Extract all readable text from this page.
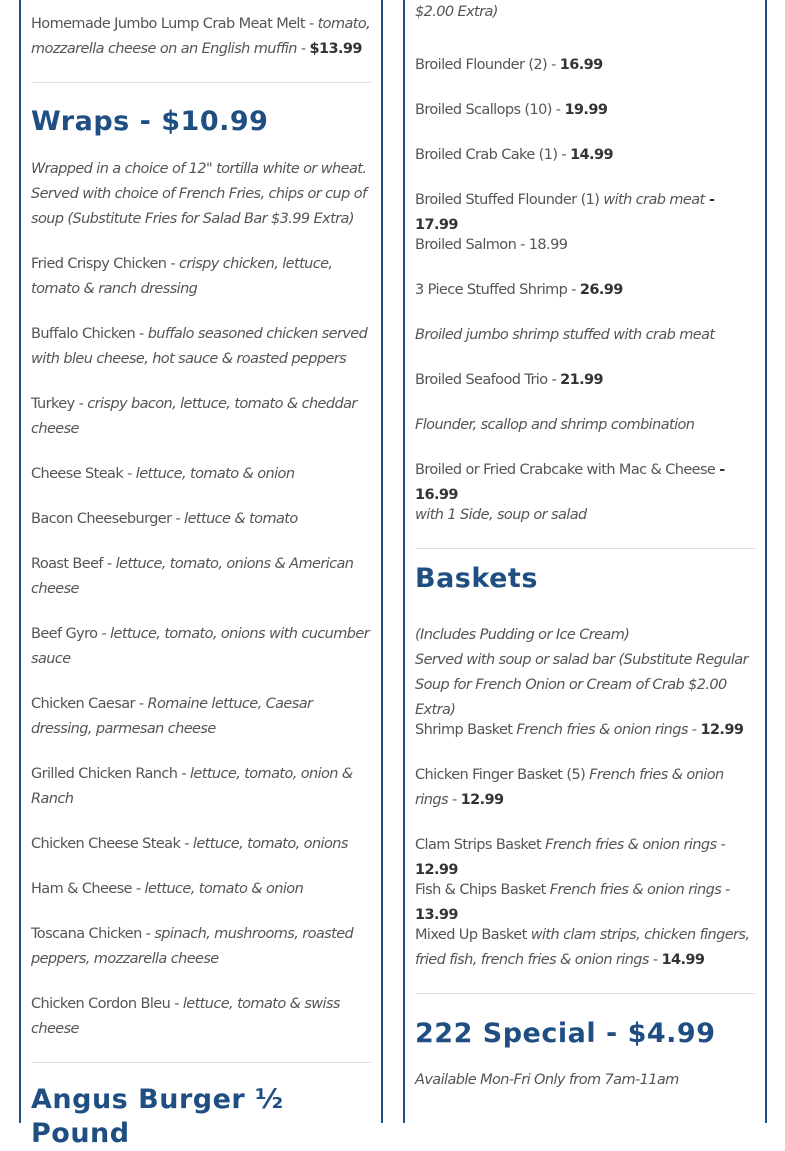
Homemade Jumbo Lump Crab Meat Melt - tomato, mozzarella cheese on an English muffin - $13.99

Wraps - $10.99

Wrapped in a choice of 12" tortilla white or wheat. Served with choice of French Fries, chips or cup of soup (Substitute Fries for Salad Bar $3.99 Extra)

Fried Crispy Chicken - crispy chicken, lettuce, tomato & ranch dressing

Buffalo Chicken - buffalo seasoned chicken served with bleu cheese, hot sauce & roasted peppers

Turkey - crispy bacon, lettuce, tomato & cheddar cheese

Cheese Steak - lettuce, tomato & onion

Bacon Cheeseburger - lettuce & tomato

Roast Beef - lettuce, tomato, onions & American cheese

Beef Gyro - lettuce, tomato, onions with cucumber sauce

Chicken Caesar - Romaine lettuce, Caesar dressing, parmesan cheese

Grilled Chicken Ranch - lettuce, tomato, onion & Ranch

Chicken Cheese Steak - lettuce, tomato, onions

Ham & Cheese - lettuce, tomato & onion

Toscana Chicken - spinach, mushrooms, roasted peppers, mozzarella cheese

Chicken Cordon Bleu - lettuce, tomato & swiss cheese

Angus Burger ½ Pound

$2.00 Extra)

Broiled Flounder (2) - 16.99

Broiled Scallops (10) - 19.99

Broiled Crab Cake (1) - 14.99

Broiled Stuffed Flounder (1) with crab meat - 17.99

Broiled Salmon - 18.99

3 Piece Stuffed Shrimp - 26.99

Broiled jumbo shrimp stuffed with crab meat

Broiled Seafood Trio - 21.99

Flounder, scallop and shrimp combination

Broiled or Fried Crabcake with Mac & Cheese - 16.99

with 1 Side, soup or salad

Baskets

(Includes Pudding or Ice Cream)

Served with soup or salad bar (Substitute Regular Soup for French Onion or Cream of Crab $2.00 Extra)

Shrimp Basket French fries & onion rings - 12.99

Chicken Finger Basket (5) French fries & onion rings - 12.99

Clam Strips Basket French fries & onion rings - 12.99

Fish & Chips Basket French fries & onion rings - 13.99

Mixed Up Basket with clam strips, chicken fingers, fried fish, french fries & onion rings - 14.99

222 Special - $4.99

Available Mon-Fri Only from 7am-11am
